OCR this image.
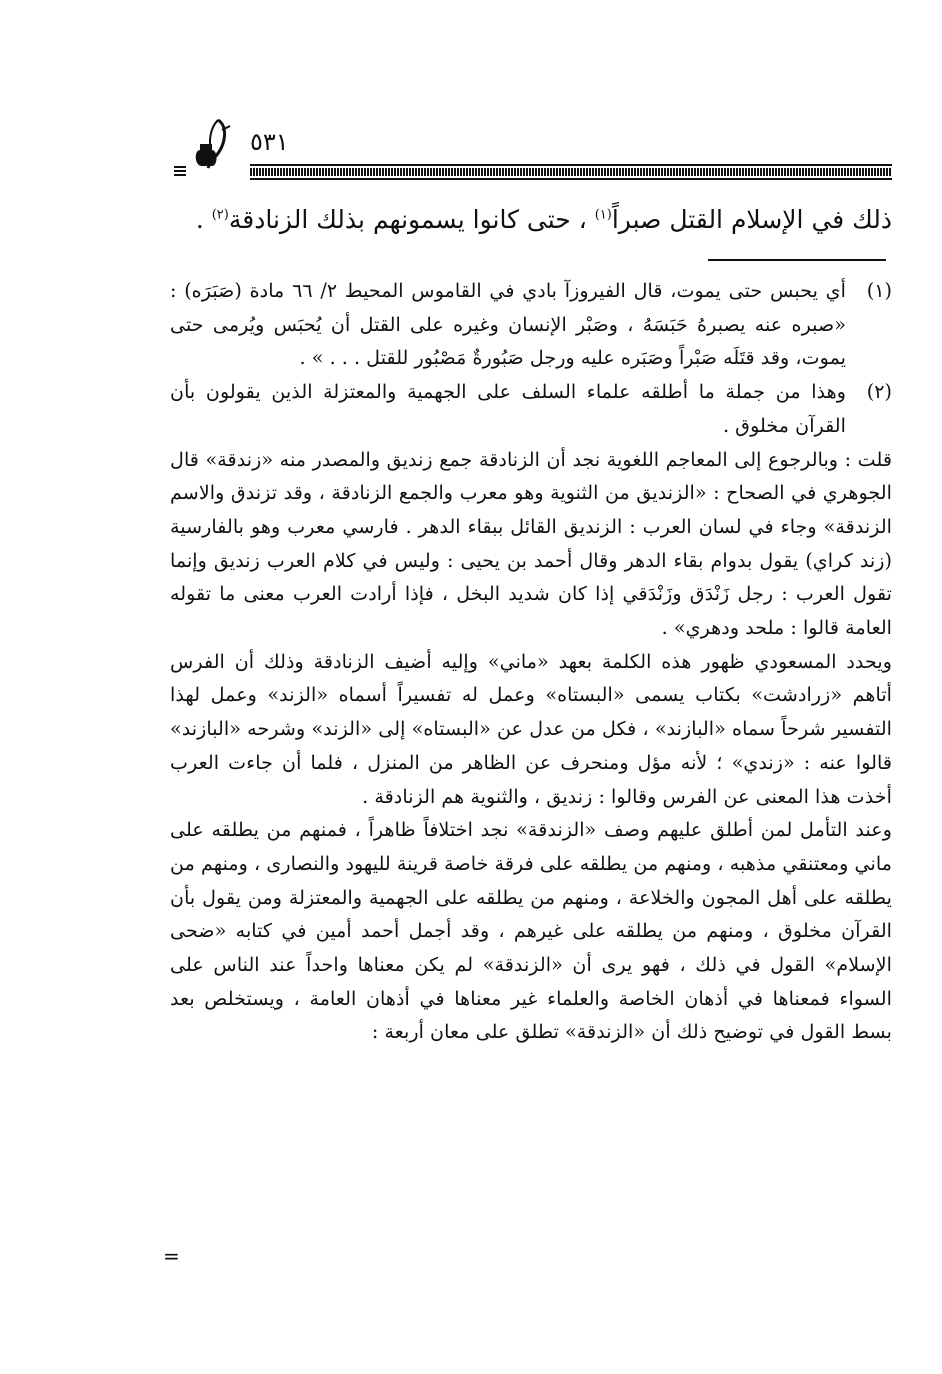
٥٣١

ذلك في الإسلام القتل صبراً$^{(١)}$ ، حتى كانوا يسمونهم بذلك الزنادقة$^{(٢)}$ .

(١)

أي يحبس حتى يموت، قال الفيروزآ بادي في القاموس المحيط ٢/ ٦٦ مادة (صَبَرَه) : «صبره عنه يصبرهُ حَبَسَهُ ، وصَبْر الإنسان وغيره على القتل أن يُحبَس ويُرمى حتى يموت، وقد قتَلَه صَبْراً وصَبَره عليه ورجل صَبُورةٌ مَصْبُور للقتل . . . » .

(٢)

وهذا من جملة ما أطلقه علماء السلف على الجهمية والمعتزلة الذين يقولون بأن القرآن مخلوق .

قلت : وبالرجوع إلى المعاجم اللغوية نجد أن الزنادقة جمع زنديق والمصدر منه «زندقة» قال الجوهري في الصحاح : «الزنديق من الثنوية وهو معرب والجمع الزنادقة ، وقد تزندق والاسم الزندقة» وجاء في لسان العرب : الزنديق القائل ببقاء الدهر . فارسي معرب وهو بالفارسية (زند كراي) يقول بدوام بقاء الدهر وقال أحمد بن يحيى : وليس في كلام العرب زنديق وإنما تقول العرب : رجل زَنْدَق وزَنْدَقي إذا كان شديد البخل ، فإذا أرادت العرب معنى ما تقوله العامة قالوا : ملحد ودهري» .

ويحدد المسعودي ظهور هذه الكلمة بعهد «ماني» وإليه أضيف الزنادقة وذلك أن الفرس أتاهم «زرادشت» بكتاب يسمى «البستاه» وعمل له تفسيراً أسماه «الزند» وعمل لهذا التفسير شرحاً سماه «البازند» ، فكل من عدل عن «البستاه» إلى «الزند» وشرحه «البازند» قالوا عنه : «زندي» ؛ لأنه مؤل ومنحرف عن الظاهر من المنزل ، فلما أن جاءت العرب أخذت هذا المعنى عن الفرس وقالوا : زنديق ، والثنوية هم الزنادقة .

وعند التأمل لمن أطلق عليهم وصف «الزندقة» نجد اختلافاً ظاهراً ، فمنهم من يطلقه على ماني ومعتنقي مذهبه ، ومنهم من يطلقه على فرقة خاصة قرينة لليهود والنصارى ، ومنهم من يطلقه على أهل المجون والخلاعة ، ومنهم من يطلقه على الجهمية والمعتزلة ومن يقول بأن القرآن مخلوق ، ومنهم من يطلقه على غيرهم ، وقد أجمل أحمد أمين في كتابه «ضحى الإسلام» القول في ذلك ، فهو يرى أن «الزندقة» لم يكن معناها واحداً عند الناس على السواء فمعناها في أذهان الخاصة والعلماء غير معناها في أذهان العامة ، ويستخلص بعد بسط القول في توضيح ذلك أن «الزندقة» تطلق على معان أربعة :

=
